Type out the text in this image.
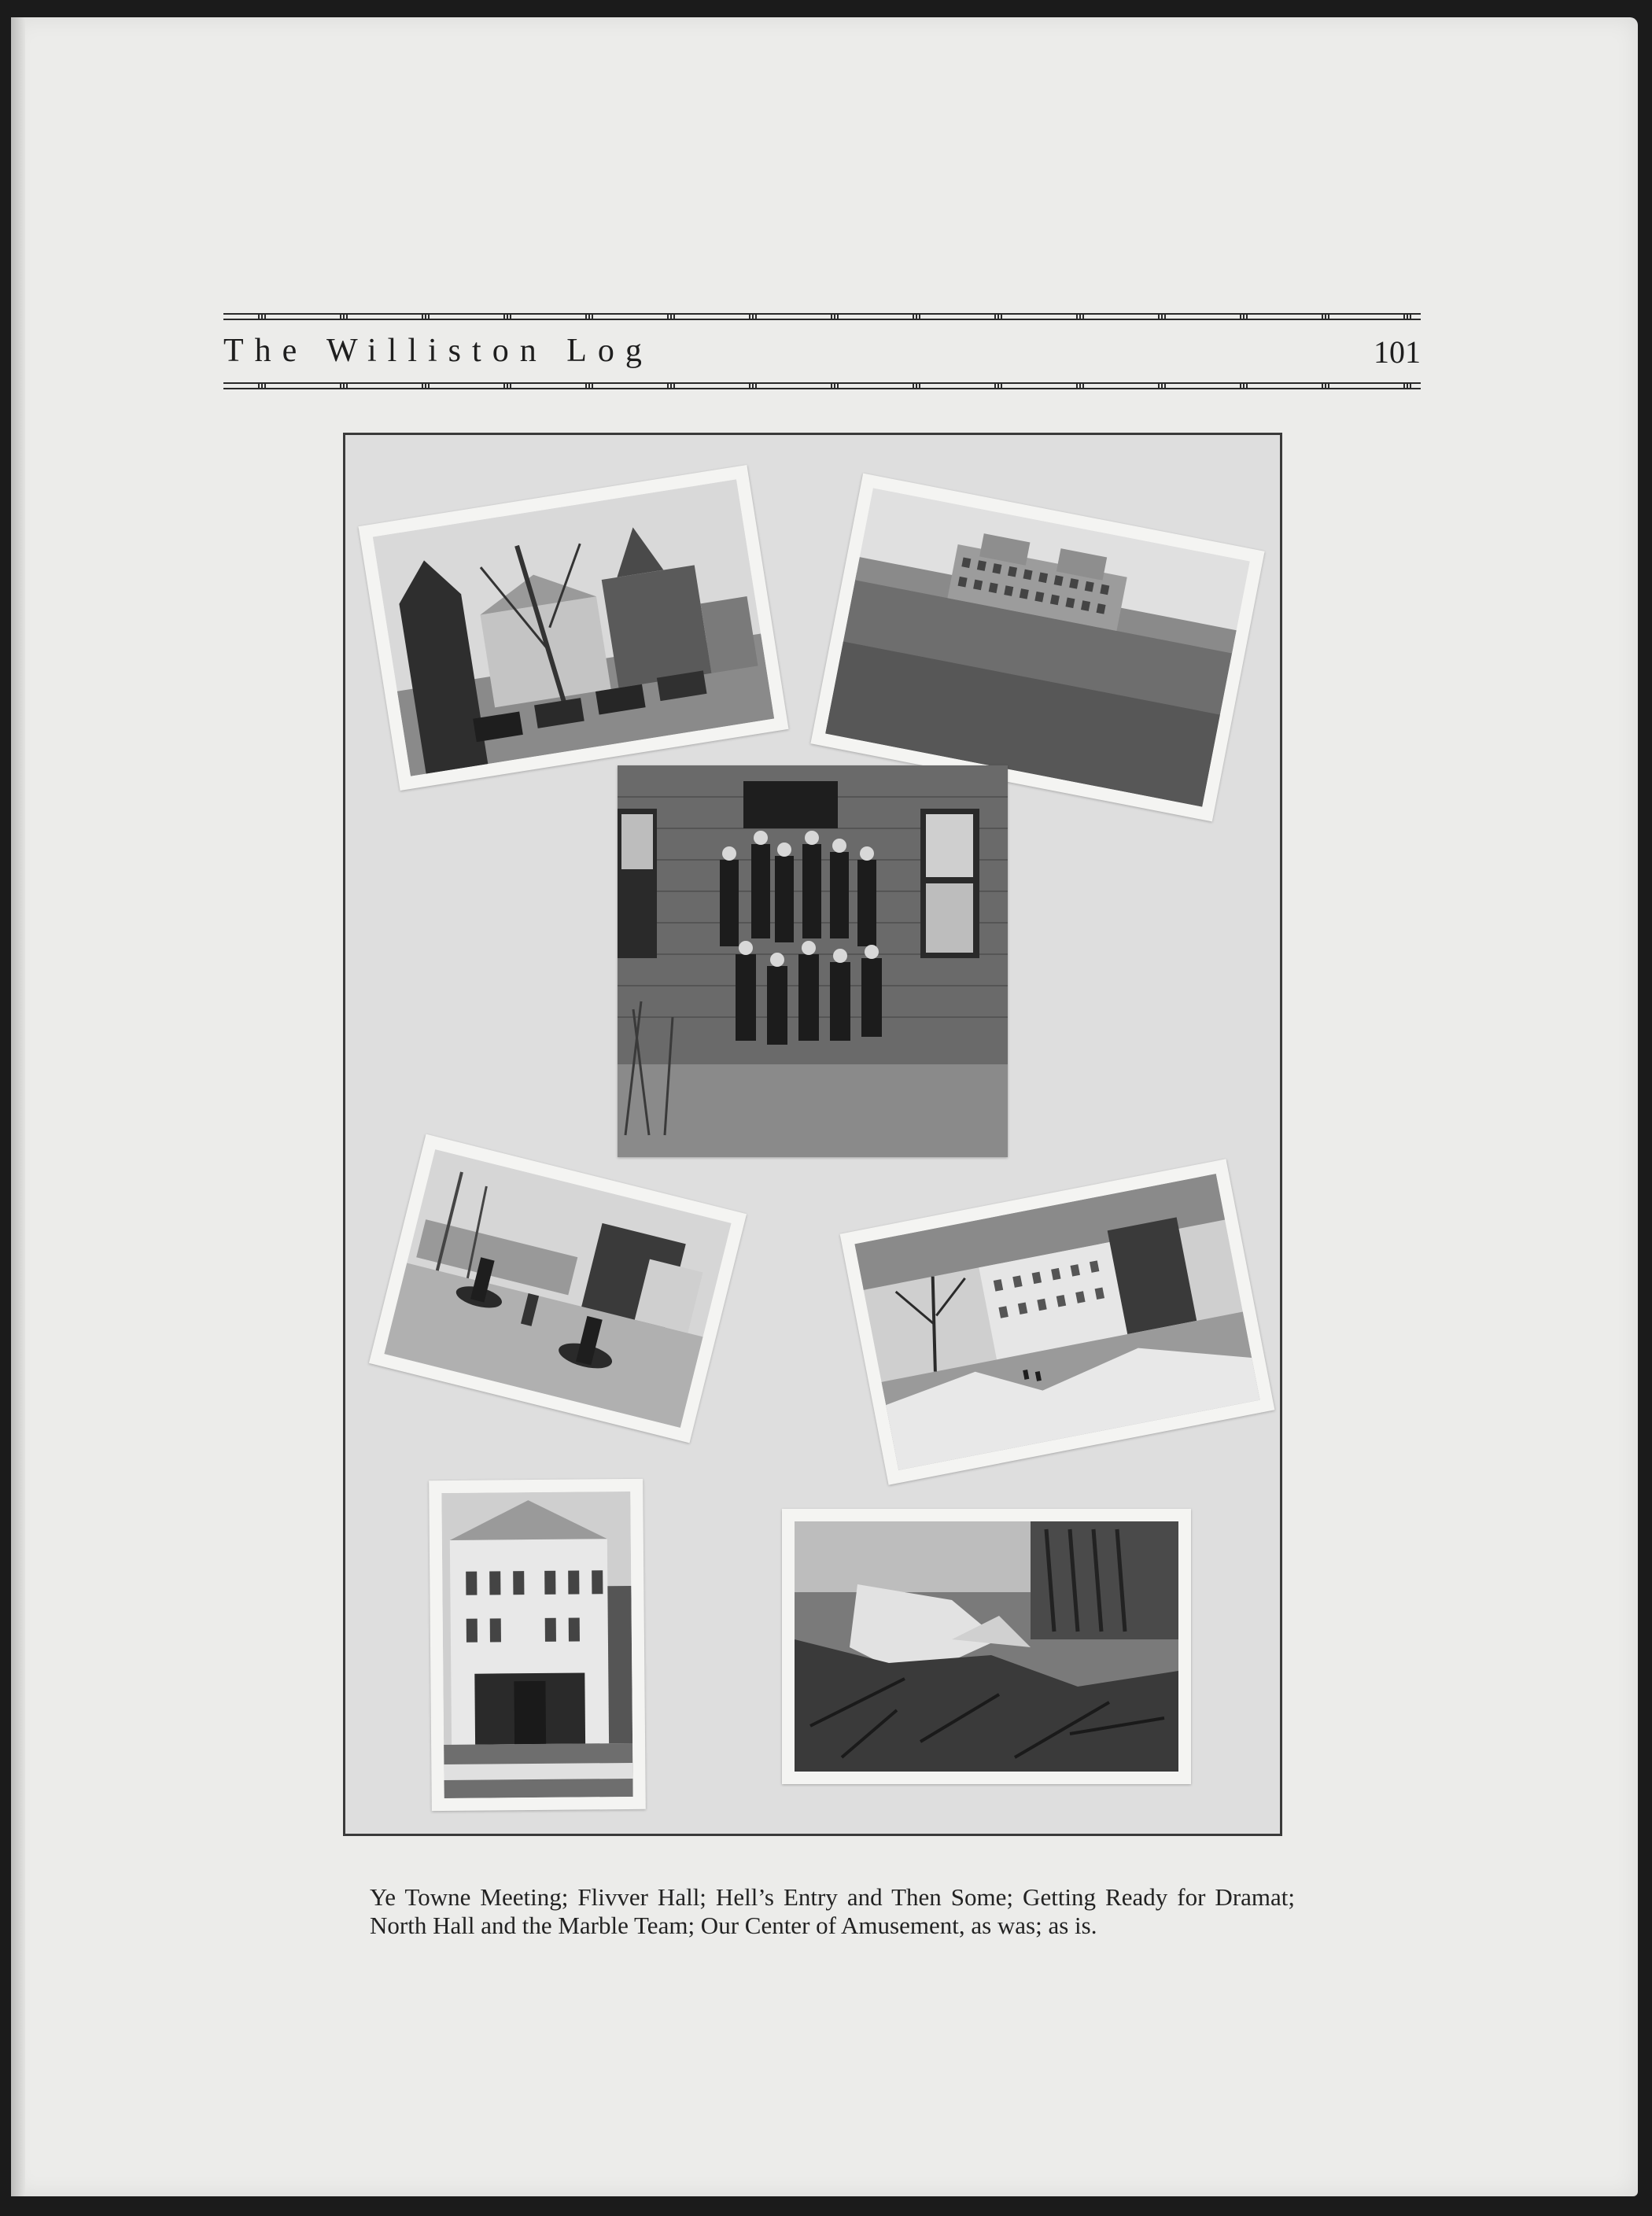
The Williston Log	101
Ye Towne Meeting; Flivver Hall; Hell’s Entry and Then Some; Getting Ready for Dramat; North Hall and the Marble Team; Our Center of Amusement, as was; as is.
